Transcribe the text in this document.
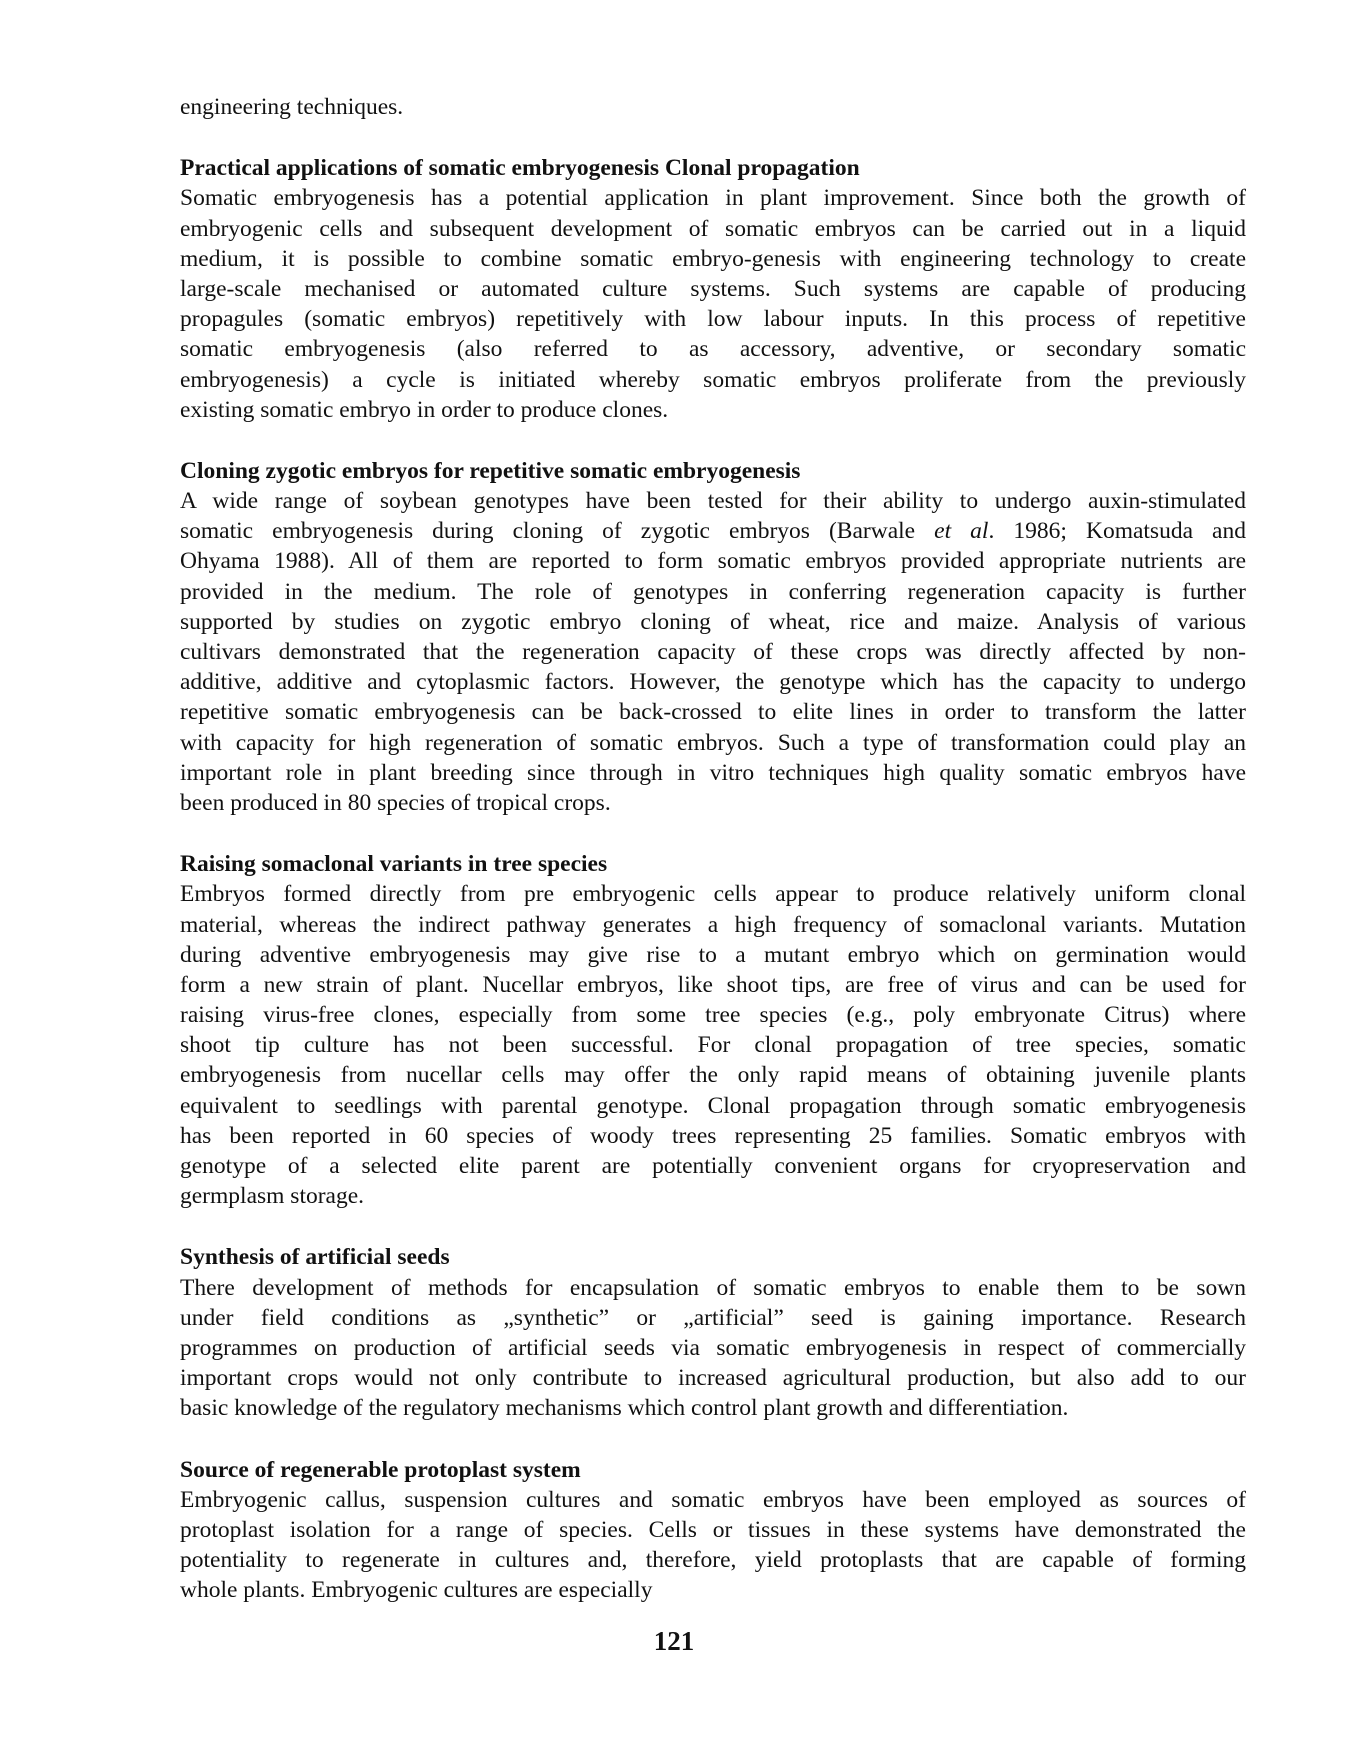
engineering techniques.
Practical applications of somatic embryogenesis Clonal propagation
Somatic embryogenesis has a potential application in plant improvement. Since both the growth of
embryogenic cells and subsequent development of somatic embryos can be carried out in a liquid
medium, it is possible to combine somatic embryo-genesis with engineering technology to create
large-scale mechanised or automated culture systems. Such systems are capable of producing
propagules (somatic embryos) repetitively with low labour inputs. In this process of repetitive
somatic embryogenesis (also referred to as accessory, adventive, or secondary somatic
embryogenesis) a cycle is initiated whereby somatic embryos proliferate from the previously
existing somatic embryo in order to produce clones.
Cloning zygotic embryos for repetitive somatic embryogenesis
A wide range of soybean genotypes have been tested for their ability to undergo auxin-stimulated
somatic embryogenesis during cloning of zygotic embryos (Barwale et al. 1986; Komatsuda and
Ohyama 1988). All of them are reported to form somatic embryos provided appropriate nutrients are
provided in the medium. The role of genotypes in conferring regeneration capacity is further
supported by studies on zygotic embryo cloning of wheat, rice and maize. Analysis of various
cultivars demonstrated that the regeneration capacity of these crops was directly affected by non-
additive, additive and cytoplasmic factors. However, the genotype which has the capacity to undergo
repetitive somatic embryogenesis can be back-crossed to elite lines in order to transform the latter
with capacity for high regeneration of somatic embryos. Such a type of transformation could play an
important role in plant breeding since through in vitro techniques high quality somatic embryos have
been produced in 80 species of tropical crops.
Raising somaclonal variants in tree species
Embryos formed directly from pre embryogenic cells appear to produce relatively uniform clonal
material, whereas the indirect pathway generates a high frequency of somaclonal variants. Mutation
during adventive embryogenesis may give rise to a mutant embryo which on germination would
form a new strain of plant. Nucellar embryos, like shoot tips, are free of virus and can be used for
raising virus-free clones, especially from some tree species (e.g., poly embryonate Citrus) where
shoot tip culture has not been successful. For clonal propagation of tree species, somatic
embryogenesis from nucellar cells may offer the only rapid means of obtaining juvenile plants
equivalent to seedlings with parental genotype. Clonal propagation through somatic embryogenesis
has been reported in 60 species of woody trees representing 25 families. Somatic embryos with
genotype of a selected elite parent are potentially convenient organs for cryopreservation and
germplasm storage.
Synthesis of artificial seeds
There development of methods for encapsulation of somatic embryos to enable them to be sown
under field conditions as „synthetic” or „artificial” seed is gaining importance. Research
programmes on production of artificial seeds via somatic embryogenesis in respect of commercially
important crops would not only contribute to increased agricultural production, but also add to our
basic knowledge of the regulatory mechanisms which control plant growth and differentiation.
Source of regenerable protoplast system
Embryogenic callus, suspension cultures and somatic embryos have been employed as sources of
protoplast isolation for a range of species. Cells or tissues in these systems have demonstrated the
potentiality to regenerate in cultures and, therefore, yield protoplasts that are capable of forming
whole plants. Embryogenic cultures are especially
121
